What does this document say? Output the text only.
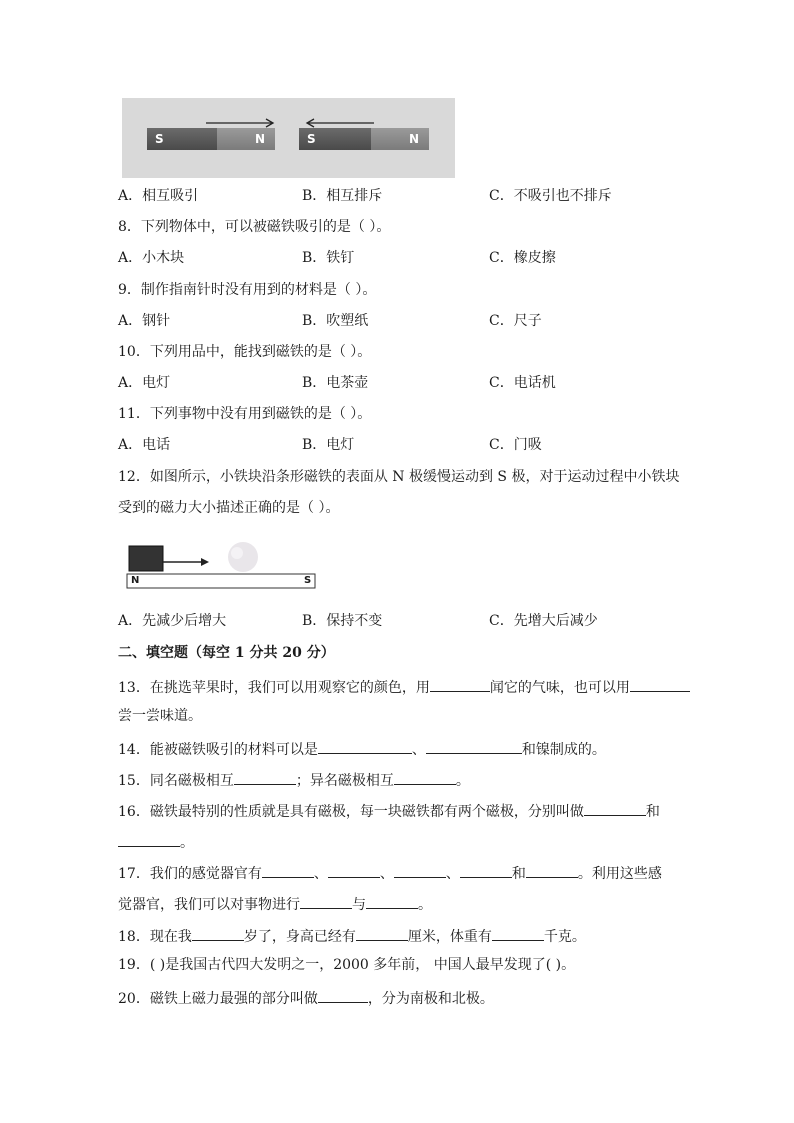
S	N	S	N
A．相互吸引	B．相互排斥	C．不吸引也不排斥
8．下列物体中，可以被磁铁吸引的是（ ）。
A．小木块	B．铁钉	C．橡皮擦
9．制作指南针时没有用到的材料是（ ）。
A．钢针	B．吹塑纸	C．尺子
10．下列用品中，能找到磁铁的是（ ）。
A．电灯	B．电茶壶	C．电话机
11．下列事物中没有用到磁铁的是（ ）。
A．电话	B．电灯	C．门吸
12．如图所示，小铁块沿条形磁铁的表面从 N 极缓慢运动到 S 极，对于运动过程中小铁块
受到的磁力大小描述正确的是（ ）。
N	S
A．先减少后增大	B．保持不变	C．先增大后减少
二、填空题（每空 1 分共 20 分）
13．在挑选苹果时，我们可以用观察它的颜色，用	闻它的气味，也可以用
尝一尝味道。
14．能被磁铁吸引的材料可以是	、	和镍制成的。
15．同名磁极相互	；异名磁极相互	。
16．磁铁最特别的性质就是具有磁极，每一块磁铁都有两个磁极，分别叫做	和
。
17．我们的感觉器官有	、	、	、	和	。利用这些感
觉器官，我们可以对事物进行	与	。
18．现在我	岁了，身高已经有	厘米，体重有	千克。
19．( )是我国古代四大发明之一，2000 多年前， 中国人最早发现了( )。
20．磁铁上磁力最强的部分叫做	，分为南极和北极。
